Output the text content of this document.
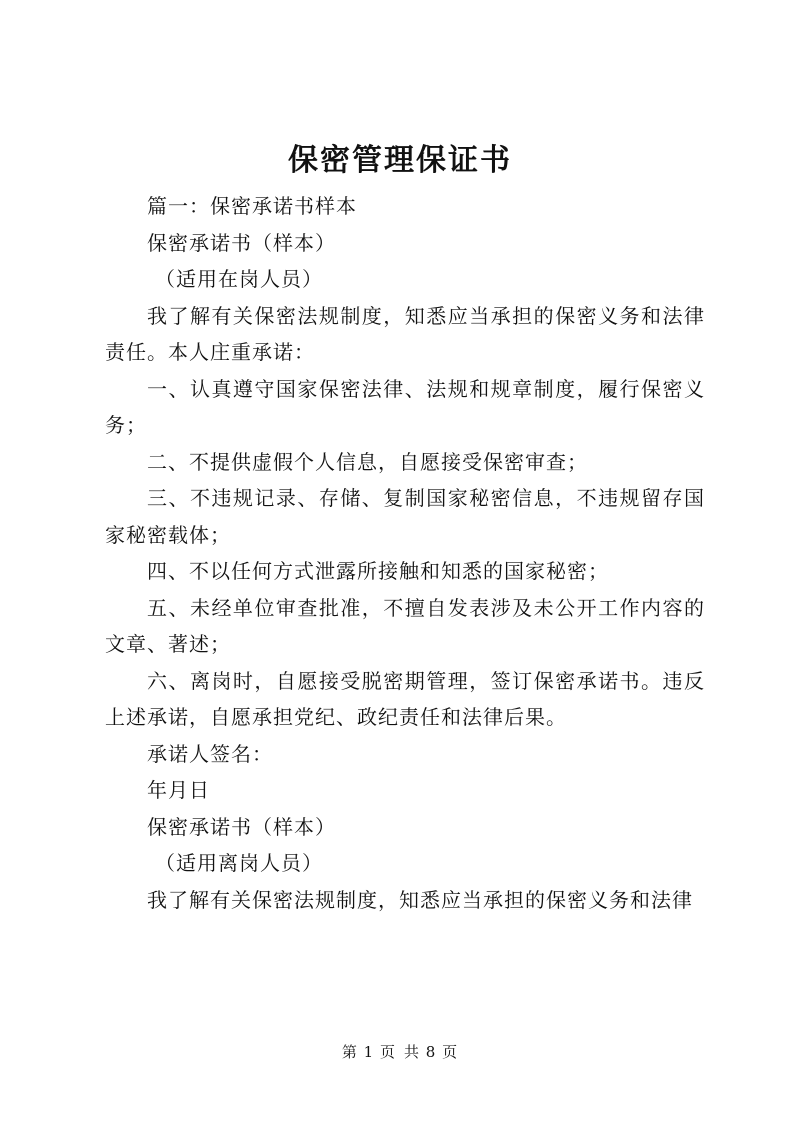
保密管理保证书

篇一：保密承诺书样本

保密承诺书（样本）

（适用在岗人员）

我了解有关保密法规制度，知悉应当承担的保密义务和法律责任。本人庄重承诺：

一、认真遵守国家保密法律、法规和规章制度，履行保密义务；

二、不提供虚假个人信息，自愿接受保密审查；

三、不违规记录、存储、复制国家秘密信息，不违规留存国家秘密载体；

四、不以任何方式泄露所接触和知悉的国家秘密；

五、未经单位审查批准，不擅自发表涉及未公开工作内容的文章、著述；

六、离岗时，自愿接受脱密期管理，签订保密承诺书。违反上述承诺，自愿承担党纪、政纪责任和法律后果。

承诺人签名：

年月日

保密承诺书（样本）

（适用离岗人员）

我了解有关保密法规制度，知悉应当承担的保密义务和法律

第 1 页 共 8 页
